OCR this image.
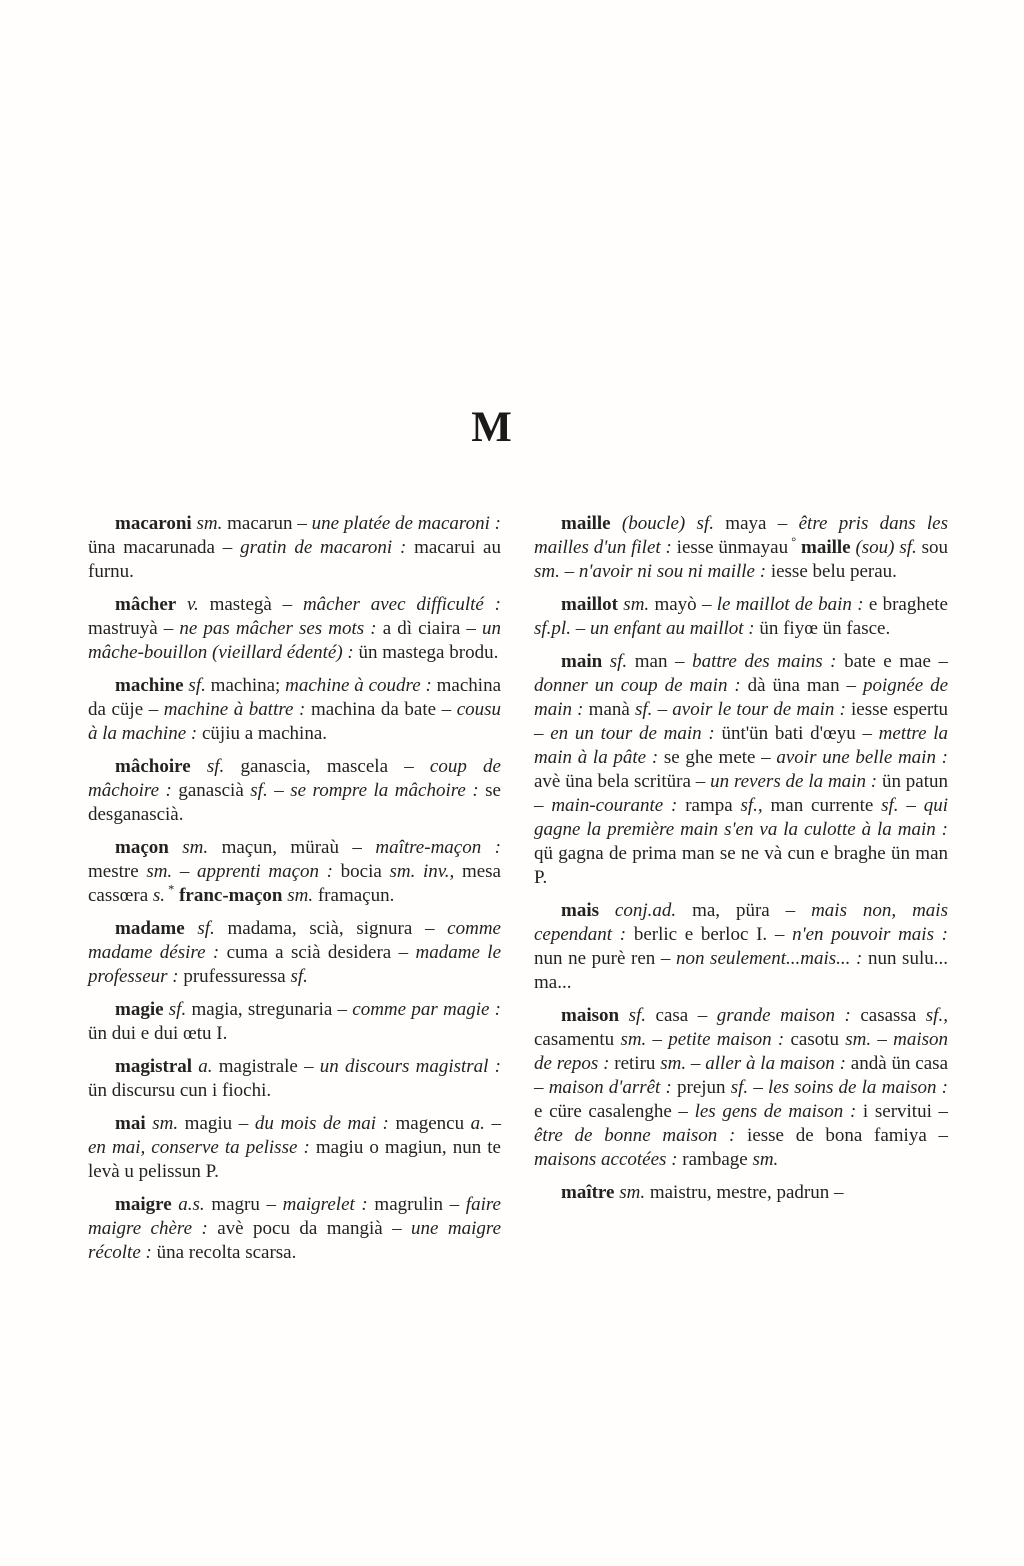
M

macaroni sm. macarun – une platée de macaroni : üna macarunada – gratin de macaroni : macarui au furnu.

mâcher v. mastegà – mâcher avec difficulté : mastruyà – ne pas mâcher ses mots : a dì ciaira – un mâche-bouillon (vieillard édenté) : ün mastega brodu.

machine sf. machina; machine à coudre : machina da cüje – machine à battre : machina da bate – cousu à la machine : cüjiu a machina.

mâchoire sf. ganascia, mascela – coup de mâchoire : ganascià sf. – se rompre la mâchoire : se desganascià.

maçon sm. maçun, müraù – maître-maçon : mestre sm. – apprenti maçon : bocia sm. inv., mesa cassœra s. * franc-maçon sm. framaçun.

madame sf. madama, scià, signura – comme madame désire : cuma a scià desidera – madame le professeur : prufessuressa sf.

magie sf. magia, stregunaria – comme par magie : ün dui e dui œtu I.

magistral a. magistrale – un discours magistral : ün discursu cun i fiochi.

mai sm. magiu – du mois de mai : magencu a. – en mai, conserve ta pelisse : magiu o magiun, nun te levà u pelissun P.

maigre a.s. magru – maigrelet : magrulin – faire maigre chère : avè pocu da mangià – une maigre récolte : üna recolta scarsa.

maille (boucle) sf. maya – être pris dans les mailles d'un filet : iesse ünmayau ° maille (sou) sf. sou sm. – n'avoir ni sou ni maille : iesse belu perau.

maillot sm. mayò – le maillot de bain : e braghete sf.pl. – un enfant au maillot : ün fiyœ ün fasce.

main sf. man – battre des mains : bate e mae – donner un coup de main : dà üna man – poignée de main : manà sf. – avoir le tour de main : iesse espertu – en un tour de main : ünt'ün bati d'œyu – mettre la main à la pâte : se ghe mete – avoir une belle main : avè üna bela scritüra – un revers de la main : ün patun – main-courante : rampa sf., man currente sf. – qui gagne la première main s'en va la culotte à la main : qü gagna de prima man se ne và cun e braghe ün man P.

mais conj.ad. ma, püra – mais non, mais cependant : berlic e berloc I. – n'en pouvoir mais : nun ne purè ren – non seulement...mais... : nun sulu... ma...

maison sf. casa – grande maison : casassa sf., casamentu sm. – petite maison : casotu sm. – maison de repos : retiru sm. – aller à la maison : andà ün casa – maison d'arrêt : prejun sf. – les soins de la maison : e cüre casalenghe – les gens de maison : i servitui – être de bonne maison : iesse de bona famiya – maisons accotées : rambage sm.

maître sm. maistru, mestre, padrun –
